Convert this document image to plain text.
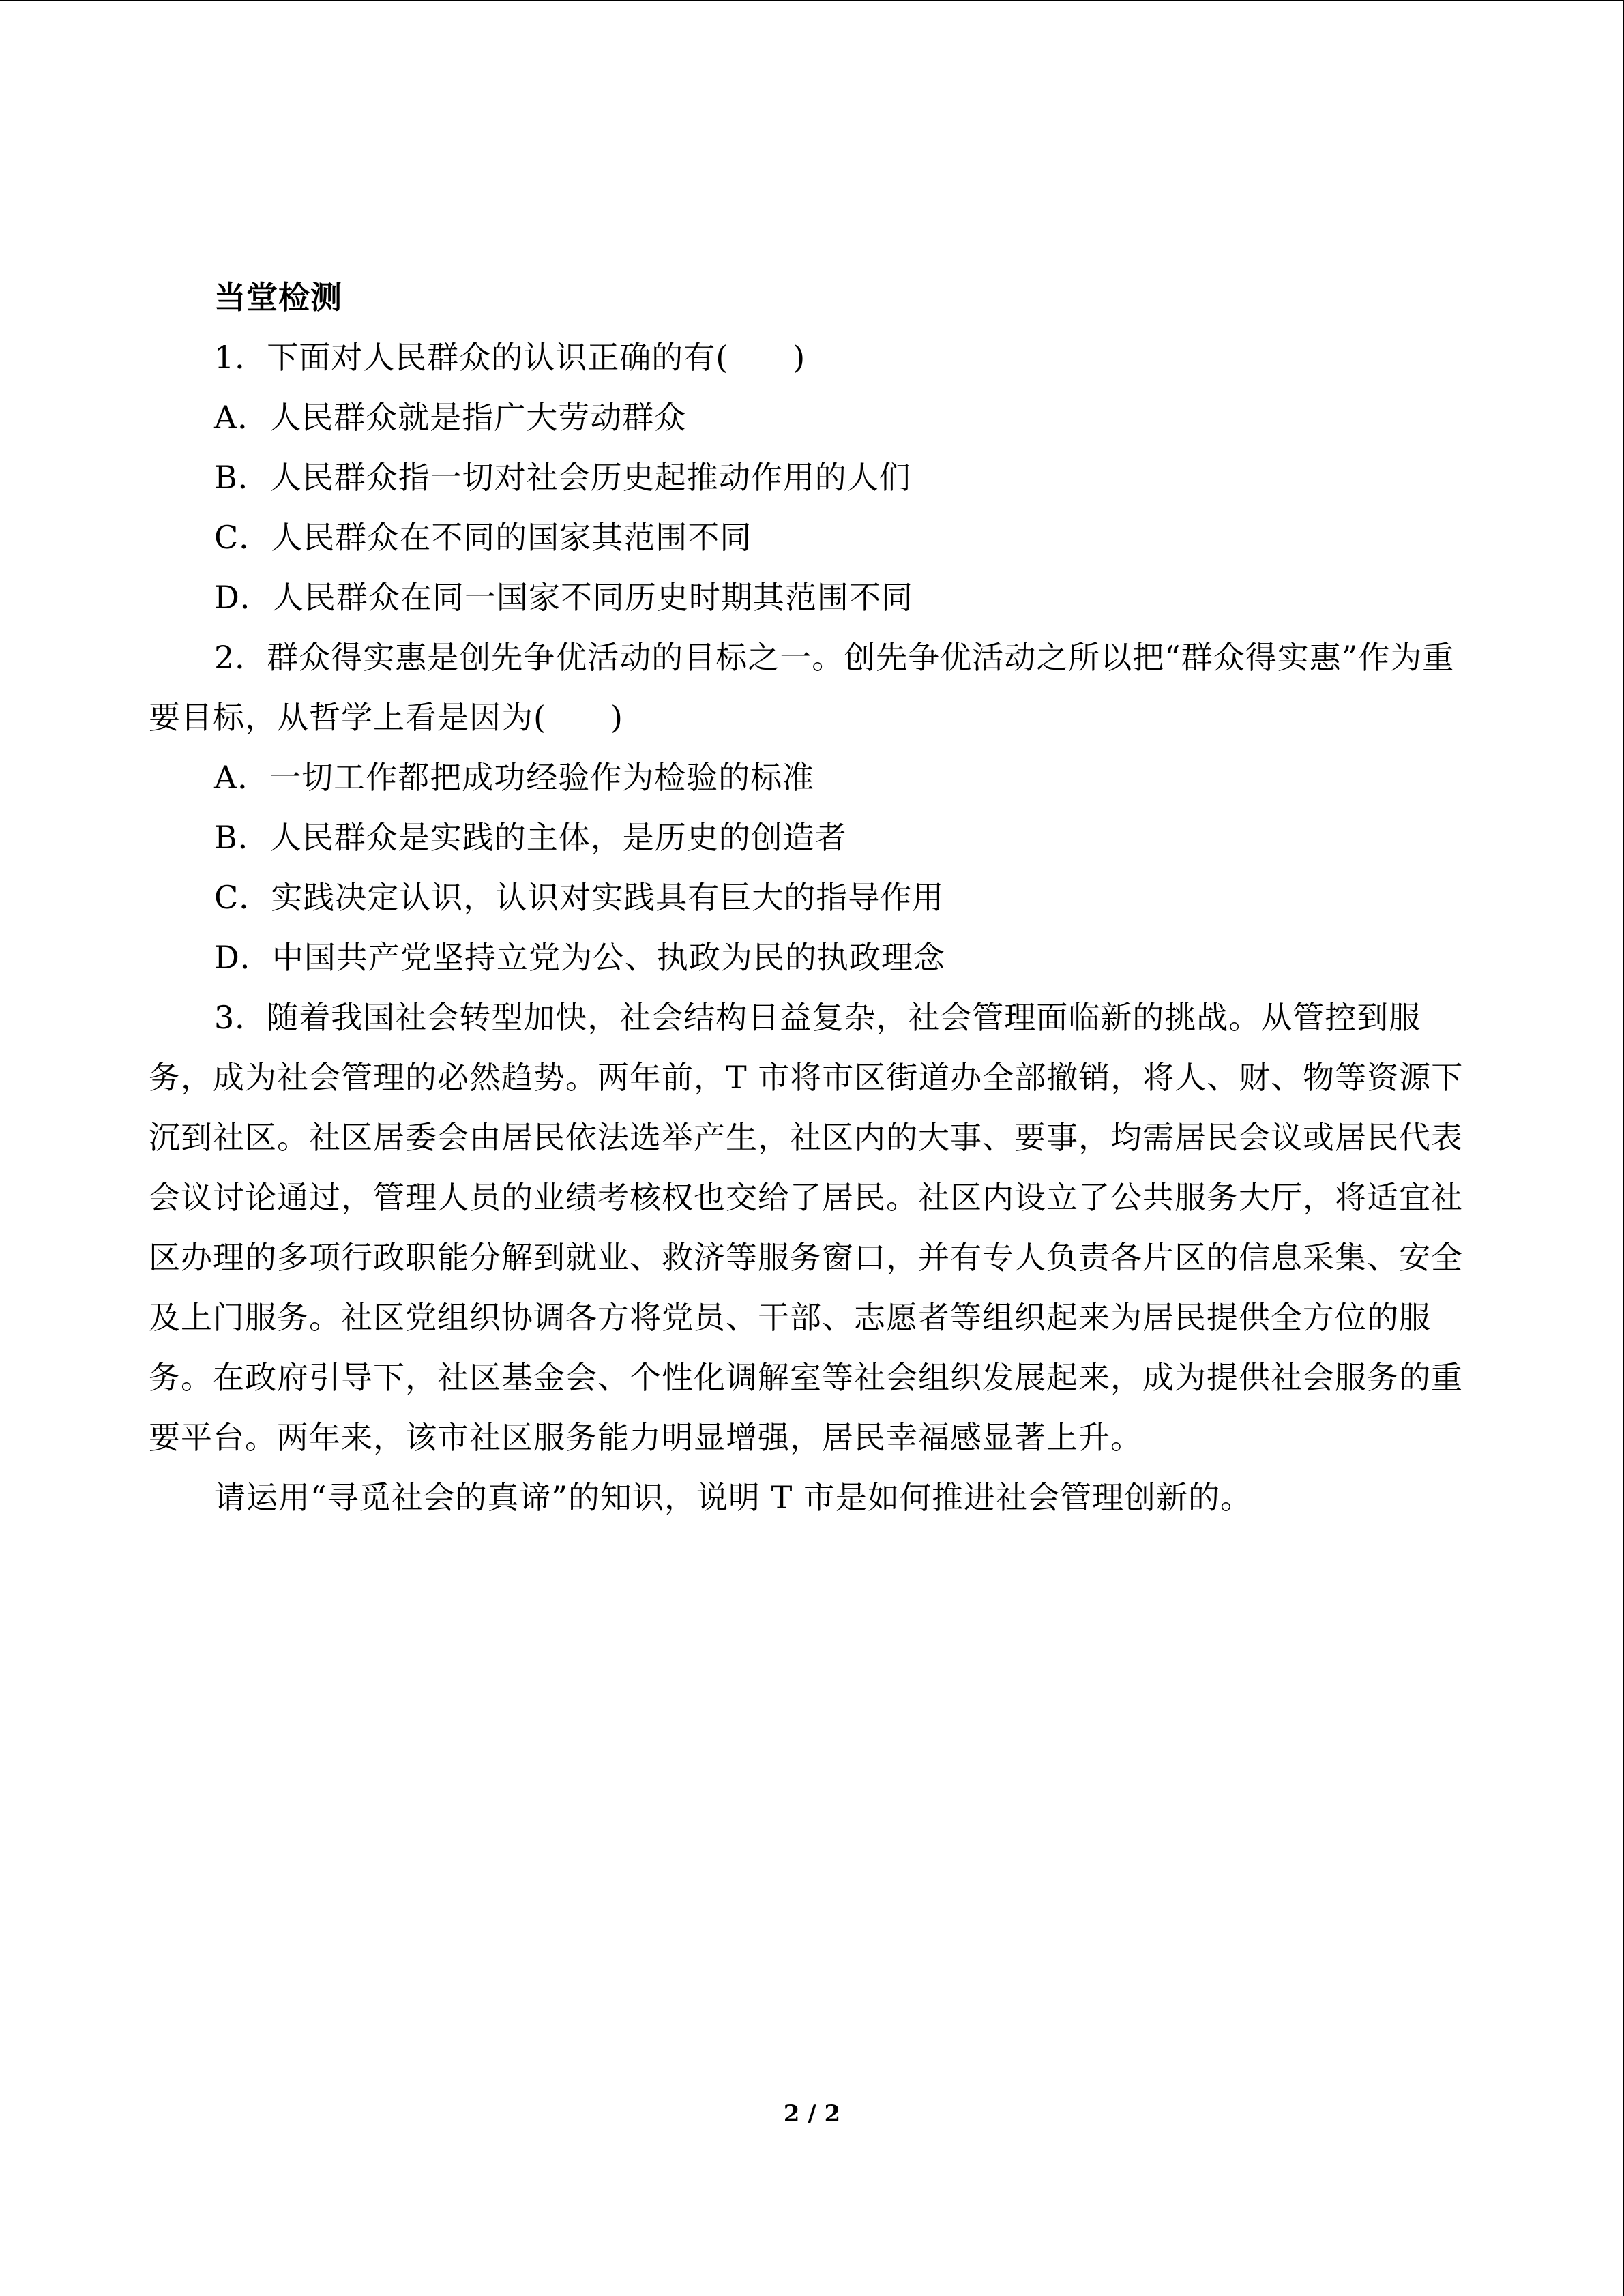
当堂检测

1．下面对人民群众的认识正确的有(　　)

A．人民群众就是指广大劳动群众

B．人民群众指一切对社会历史起推动作用的人们

C．人民群众在不同的国家其范围不同

D．人民群众在同一国家不同历史时期其范围不同

2．群众得实惠是创先争优活动的目标之一。创先争优活动之所以把“群众得实惠”作为重要目标，从哲学上看是因为(　　)

A．一切工作都把成功经验作为检验的标准

B．人民群众是实践的主体，是历史的创造者

C．实践决定认识，认识对实践具有巨大的指导作用

D．中国共产党坚持立党为公、执政为民的执政理念

3．随着我国社会转型加快，社会结构日益复杂，社会管理面临新的挑战。从管控到服务，成为社会管理的必然趋势。两年前，T 市将市区街道办全部撤销，将人、财、物等资源下沉到社区。社区居委会由居民依法选举产生，社区内的大事、要事，均需居民会议或居民代表会议讨论通过，管理人员的业绩考核权也交给了居民。社区内设立了公共服务大厅，将适宜社区办理的多项行政职能分解到就业、救济等服务窗口，并有专人负责各片区的信息采集、安全及上门服务。社区党组织协调各方将党员、干部、志愿者等组织起来为居民提供全方位的服务。在政府引导下，社区基金会、个性化调解室等社会组织发展起来，成为提供社会服务的重要平台。两年来，该市社区服务能力明显增强，居民幸福感显著上升。

请运用“寻觅社会的真谛”的知识，说明 T 市是如何推进社会管理创新的。

2 / 2
